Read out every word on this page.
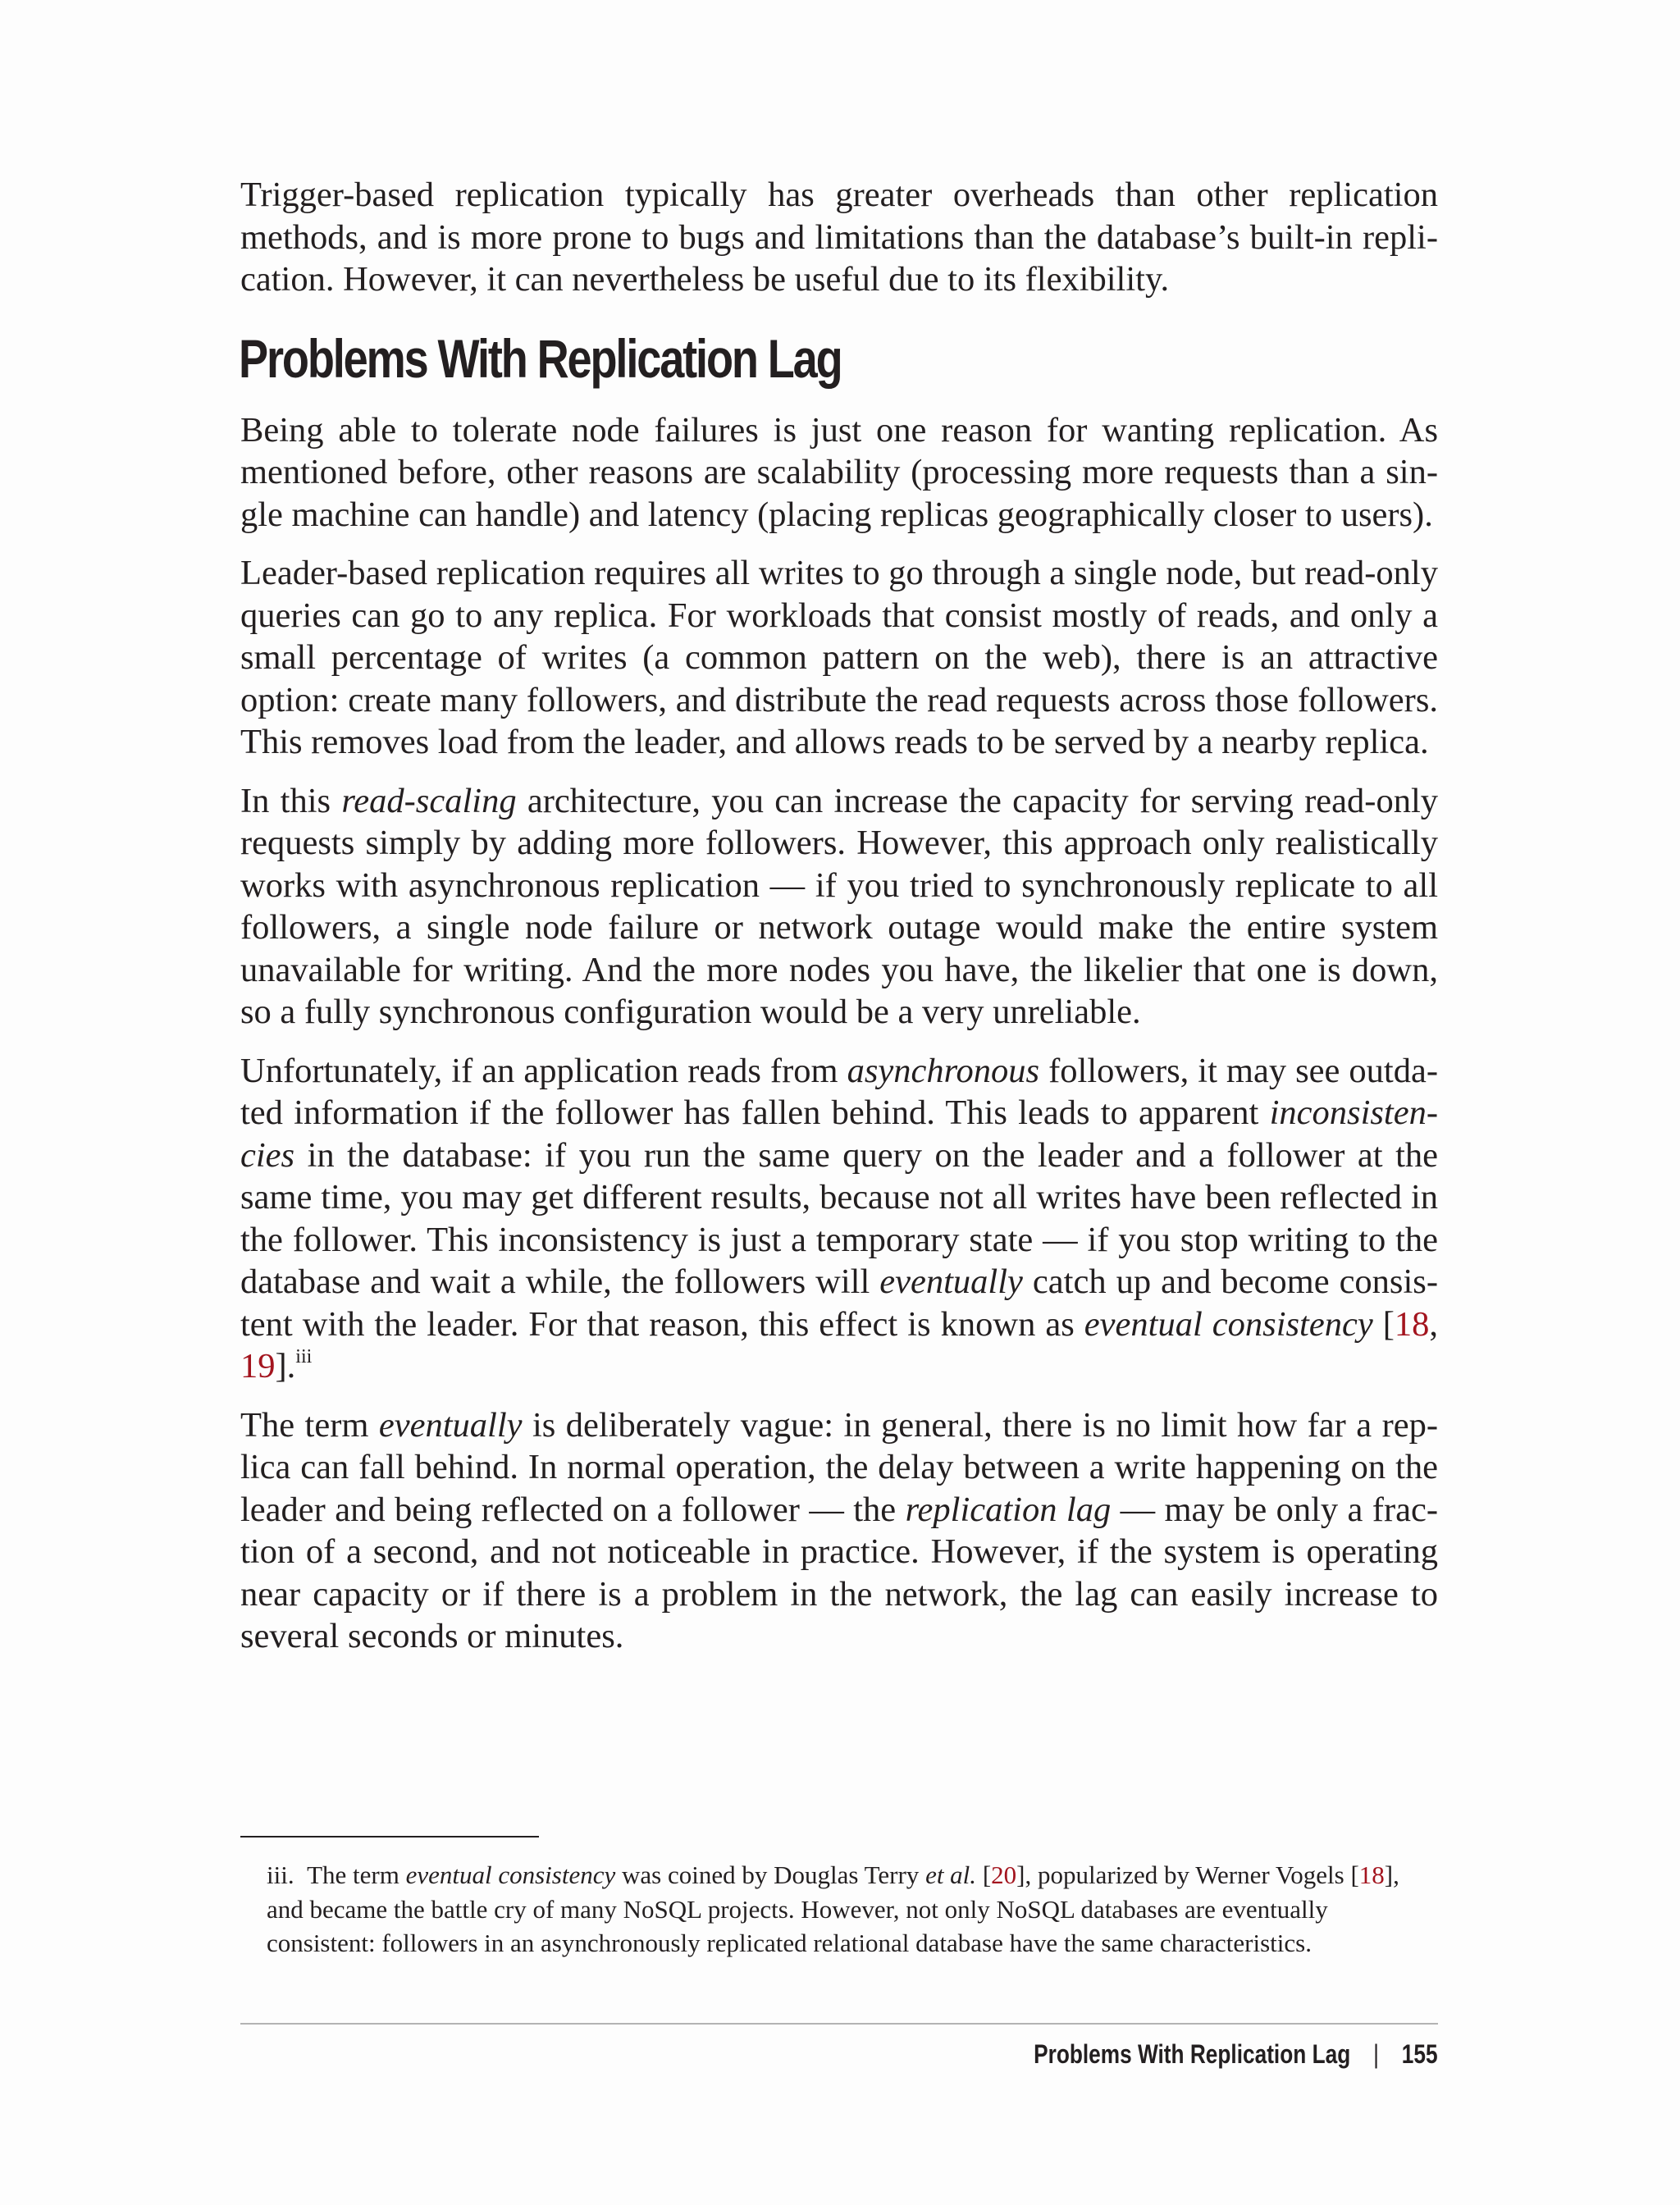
Trigger-based replication typically has greater overheads than other replication methods, and is more prone to bugs and limitations than the database’s built-in replication. However, it can nevertheless be useful due to its flexibility.

Problems With Replication Lag

Being able to tolerate node failures is just one reason for wanting replication. As mentioned before, other reasons are scalability (processing more requests than a single machine can handle) and latency (placing replicas geographically closer to users).

Leader-based replication requires all writes to go through a single node, but read-only queries can go to any replica. For workloads that consist mostly of reads, and only a small percentage of writes (a common pattern on the web), there is an attractive option: create many followers, and distribute the read requests across those followers. This removes load from the leader, and allows reads to be served by a nearby replica.

In this read-scaling architecture, you can increase the capacity for serving read-only requests simply by adding more followers. However, this approach only realistically works with asynchronous replication — if you tried to synchronously replicate to all followers, a single node failure or network outage would make the entire system unavailable for writing. And the more nodes you have, the likelier that one is down, so a fully synchronous configuration would be a very unreliable.

Unfortunately, if an application reads from asynchronous followers, it may see outdated information if the follower has fallen behind. This leads to apparent inconsistencies in the database: if you run the same query on the leader and a follower at the same time, you may get different results, because not all writes have been reflected in the follower. This inconsistency is just a temporary state — if you stop writing to the database and wait a while, the followers will eventually catch up and become consistent with the leader. For that reason, this effect is known as eventual consistency [18, 19].$^{iii}$

The term eventually is deliberately vague: in general, there is no limit how far a replica can fall behind. In normal operation, the delay between a write happening on the leader and being reflected on a follower — the replication lag — may be only a fraction of a second, and not noticeable in practice. However, if the system is operating near capacity or if there is a problem in the network, the lag can easily increase to several seconds or minutes.

iii. The term eventual consistency was coined by Douglas Terry et al. [20], popularized by Werner Vogels [18], and became the battle cry of many NoSQL projects. However, not only NoSQL databases are eventually consistent: followers in an asynchronously replicated relational database have the same characteristics.

Problems With Replication Lag | 155
